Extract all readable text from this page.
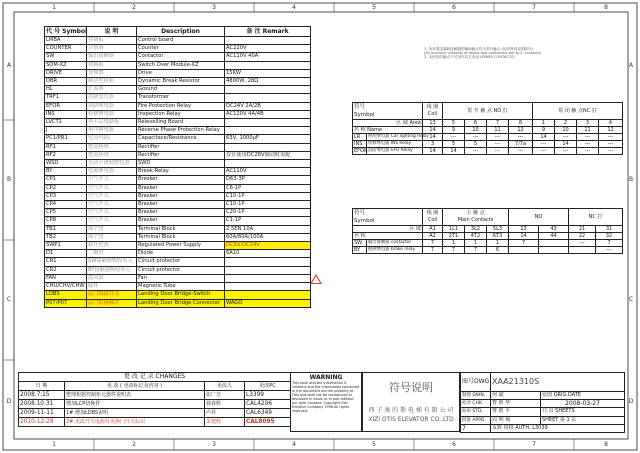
1	2	3	4	5	6	7	8
1	2	3	4	5	6	7	8
A
B
C
D
A
B
C
D
代 号 Symbol	说 明	Description	备 注 Remark
LMBA	控制板	Control board	
COUNTER	计数器	Counter	AC220V
SW	输出接触器	Contactor	AC110V 40A
SOM-XZ	切换板	Switch Over Module-XZ	
DRIVE	变频器	Drive	15KW
DBR	制动电阻箱	Dynamic Break Resistor	4800W, 28Ω
HL	汇流条	Ground	
TRF1	控制变压器	Transformer	
EFOR	消防继电器	Fire Protection Relay	DC24V 2A/2B
INS	检修继电器	Inspection Relay	AC120V 4A/4B
LVCT1	再平层电路板	Relevelling Board	
J	相序继电器	Reverse Phase Protection Relay	
PC1/PR1	电容/电阻	Capacitace/Resistance	63V, 1000μF
RF1	整流桥堆	Rectifier	
RF2	整流桥堆	Rectifier	仅在使用DC28V制动时需配
WSD	自动平滑调整装置	SWD	
BY	电源继电器	Break Relay	AC110V
CP1	空气开关	Bresker	D63-3P
CP2	空气开关	Bresker	C6-1P
CP3	空气开关	Bresker	C10-1P
CP4	空气开关	Bresker	C10-1P
CP5	空气开关	Bresker	C20-1P
CP8	空气开关	Bresker	C1-1P
TB1	端子排	Terminal Block	2.5EN 10A
TB2	端子排	Terminal Block	60A/80A/100A
SWP1	稳压电源	Regulated Power Supply	DC5V-DC24V
D1	二极管	Diode	6A10
CR1	SW接触器吸收单元	Circuit protector	
CR2	BY接触器吸收单元	Circuit protector	
FAN	散风扇	Fan	
CHU/CHV/CHW	磁环	Magnetic Tube	
LDBS	层门短接开关	Landing Door Bridge-Switch	
P07/P07	层门短接插件	Landing Door Bridge Connector	WAGO
1. 所有继电器和接触器的辅助触点均为常开触点 (如有特别说明除外)
(All auxiliary contacts of relays and contactors are N.O. contacts)
2. 未使用的触点不可用作其它用途 (SPARE CONTACTS)
符号
Symbol		线 圈
Coil	常 开 触 点 NO 打				常 闭 触 点NC 打			
区 域 Area		13	5	6	7	8	1	2	3	4
名 称 Name		14	9	10	11	12	9	10	11	12
LR	照明继电器 Car lighting Relay	14	---	---	---	---	14	---	---	---
INS	检修继电器 INS Relay	3	5	5	---	7/7a	---	14	---	---
EFOR	消防继电器 EFO Relay	14	14	---	---	---	---	---	---	---
符号
Symbol		线 圈
Coil	主 触 点
Main Contacts			NO		NC 打	
区 域		A1	1L1	3L2	5L3	13	43	21	31
名 称		A2	2T1	4T2	6T3	14	44	22	32
SW	输出接触器 contactor	7	1	1	1	7		---	7
BY	抱闸继电器 brake relay	7	7	7	6				---
更 改 记 录 CHANGES			
日 期	更 改 ( 更改标记及内容 )	更改人	更改PC
2008.7.15	整理根据控制柜元器件说明表	张广芳	L3399
2008.10.31	增加LCP切换件	韩春辉	CAL4206
2009-11-11	1#.增加LDBS说明	卢祥	CAL6349
2010-12-28	2#.更改开关电源并更换门开关标识	朱建辉	CAL8095
WARNING
This work and the information it contains and the information contained in the document are the property of Otis and shall not be reproduced or disclosed in whole or in part without our prior consent. Copyright Otis Elevator Company 1998 All rights reserved.
符号说明
西 子 奥 的 斯 电 梯 有 限 公 司
XIZI OTIS ELEVATOR CO.,LTD
图号DWG	XAA21310S	
制图 DWN.	何 斌	原图 ORIG.DATE
检对 CHK.	曹 胜 华	2008-03-27
标审 STD.	曹 银 平	共 页 SHEETS
批准 APPD.	周 明 城	SHEET 第 1 页
7	页数 授权 AUTH. L3039	
